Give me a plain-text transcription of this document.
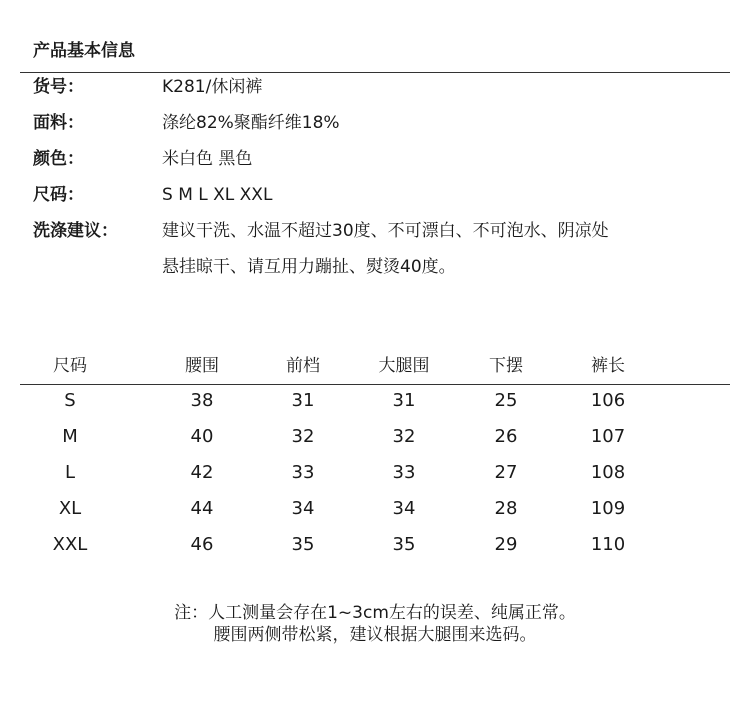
产品基本信息
货号：	K281/休闲裤
面料：	涤纶82%聚酯纤维18%
颜色：	米白色 黑色
尺码：	S M L XL XXL
洗涤建议：	建议干洗、水温不超过30度、不可漂白、不可泡水、阴凉处
悬挂晾干、请互用力蹦扯、熨烫40度。
尺码	腰围	前档	大腿围	下摆	裤长
S	38	31	31	25	106
M	40	32	32	26	107
L	42	33	33	27	108
XL	44	34	34	28	109
XXL	46	35	35	29	110
注：人工测量会存在1~3cm左右的误差、纯属正常。
腰围两侧带松紧，建议根据大腿围来选码。
